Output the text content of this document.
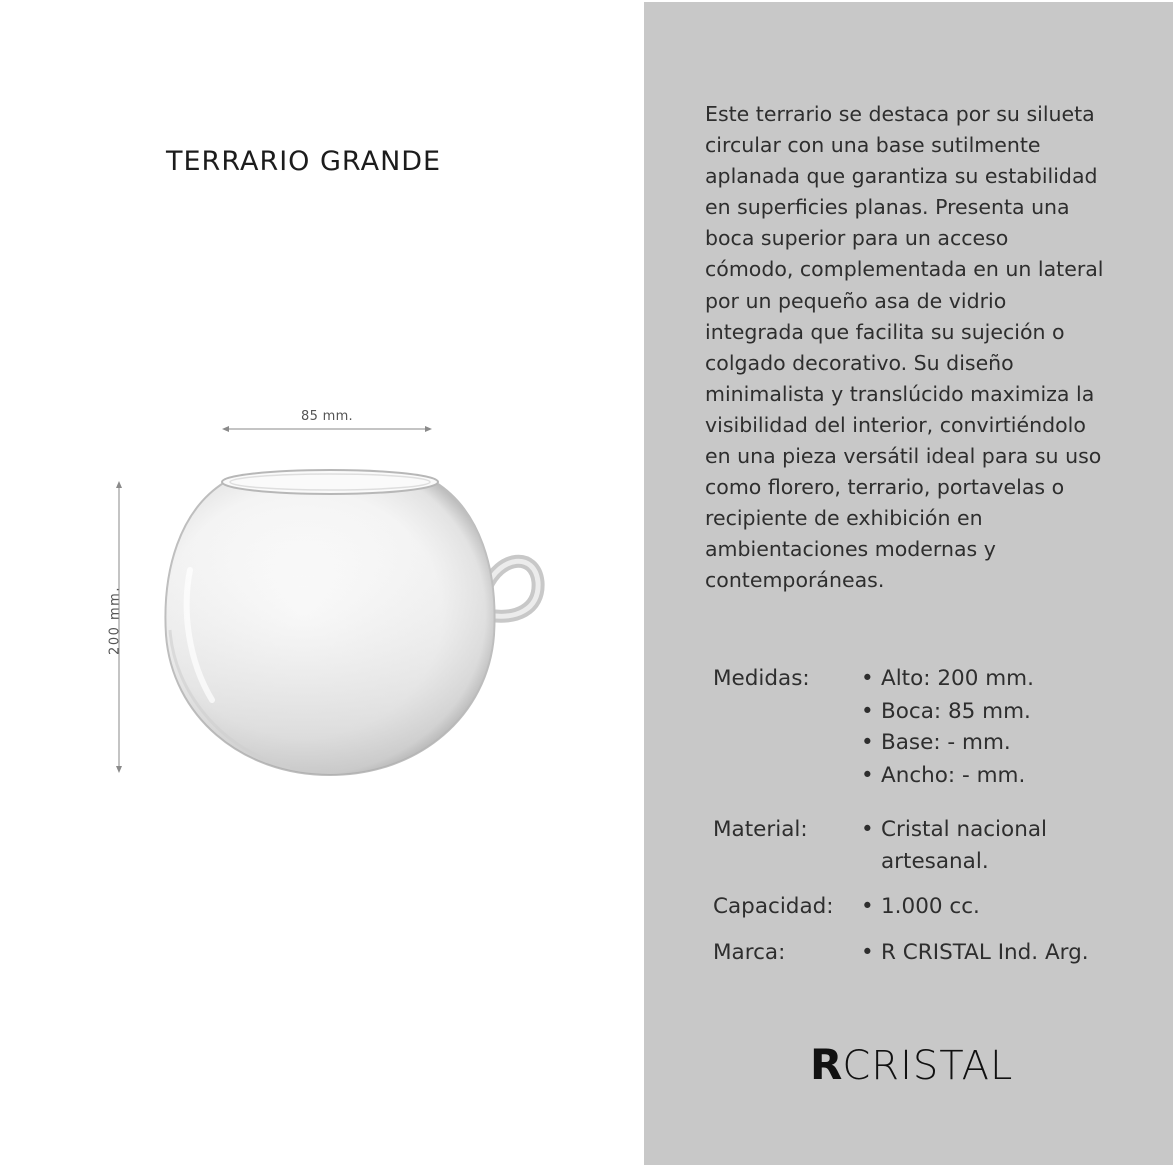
TERRARIO GRANDE
85 mm.
200 mm.
Este terrario se destaca por su silueta
circular con una base sutilmente
aplanada que garantiza su estabilidad
en superficies planas. Presenta una
boca superior para un acceso
cómodo, complementada en un lateral
por un pequeño asa de vidrio
integrada que facilita su sujeción o
colgado decorativo. Su diseño
minimalista y translúcido maximiza la
visibilidad del interior, convirtiéndolo
en una pieza versátil ideal para su uso
como florero, terrario, portavelas o
recipiente de exhibición en
ambientaciones modernas y
contemporáneas.
Medidas: • Alto: 200 mm.
• Boca: 85 mm.
• Base: - mm.
• Ancho: - mm.
Material: • Cristal nacional
artesanal.
Capacidad: • 1.000 cc.
Marca:	• R CRISTAL Ind. Arg.
RCRISTAL
